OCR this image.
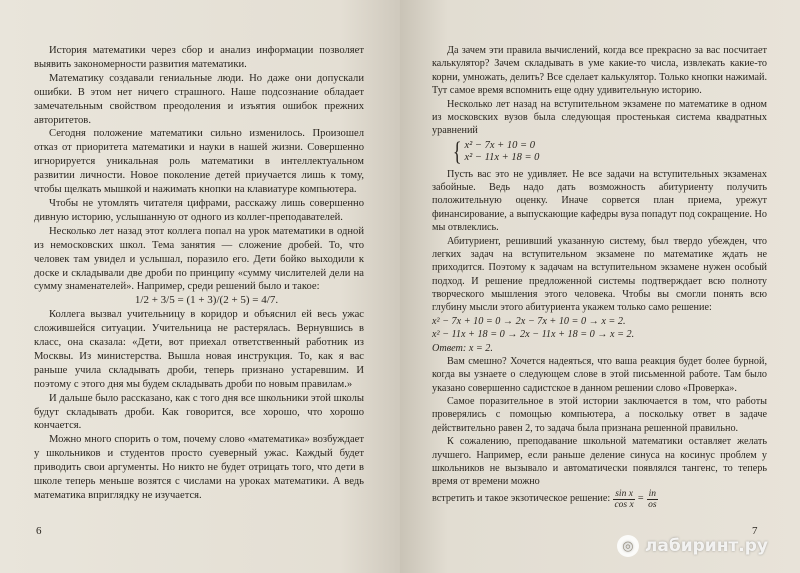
История математики через сбор и анализ информации позволяет выявить закономерности развития математики.

Математику создавали гениальные люди. Но даже они допускали ошибки. В этом нет ничего страшного. Наше подсознание обладает замечательным свойством преодоления и изъятия ошибок прежних авторитетов.

Сегодня положение математики сильно изменилось. Произошел отказ от приоритета математики и науки в нашей жизни. Совершенно игнорируется уникальная роль математики в интеллектуальном развитии личности. Новое поколение детей приучается лишь к тому, чтобы щелкать мышкой и нажимать кнопки на клавиатуре компьютера.

Чтобы не утомлять читателя цифрами, расскажу лишь совершенно дивную историю, услышанную от одного из коллег-преподавателей.

Несколько лет назад этот коллега попал на урок математики в одной из немосковских школ. Тема занятия — сложение дробей. То, что человек там увидел и услышал, поразило его. Дети бойко выходили к доске и складывали две дроби по принципу «сумму числителей дели на сумму знаменателей». Например, среди решений было и такое:

1/2 + 3/5 = (1 + 3)/(2 + 5) = 4/7.

Коллега вызвал учительницу в коридор и объяснил ей весь ужас сложившейся ситуации. Учительница не растерялась. Вернувшись в класс, она сказала: «Дети, вот приехал ответственный работник из Москвы. Из министерства. Вышла новая инструкция. То, как я вас раньше учила складывать дроби, теперь признано устаревшим. И поэтому с этого дня мы будем складывать дроби по новым правилам.»

И дальше было рассказано, как с того дня все школьники этой школы будут складывать дроби. Как говорится, все хорошо, что хорошо кончается.

Можно много спорить о том, почему слово «математика» возбуждает у школьников и студентов просто суеверный ужас. Каждый будет приводить свои аргументы. Но никто не будет отрицать того, что дети в школе теперь меньше возятся с числами на уроках математики. А ведь математика вприглядку не изучается.

6

Да зачем эти правила вычислений, когда все прекрасно за вас посчитает калькулятор? Зачем складывать в уме какие-то числа, извлекать какие-то корни, умножать, делить? Все сделает калькулятор. Только кнопки нажимай. Тут самое время вспомнить еще одну удивительную историю.

Несколько лет назад на вступительном экзамене по математике в одном из московских вузов была следующая простенькая система квадратных уравнений

{ x² − 7x + 10 = 0
x² − 11x + 18 = 0

Пусть вас это не удивляет. Не все задачи на вступительных экзаменах забойные. Ведь надо дать возможность абитуриенту получить положительную оценку. Иначе сорвется план приема, урежут финансирование, а выпускающие кафедры вуза попадут под сокращение. Но мы отвлеклись.

Абитуриент, решивший указанную систему, был твердо убежден, что легких задач на вступительном экзамене по математике ждать не приходится. Поэтому к задачам на вступительном экзамене нужен особый подход. И решение предложенной системы подтверждает всю полноту творческого мышления этого человека. Чтобы вы смогли понять всю глубину мысли этого абитуриента укажем только само решение:

x² − 7x + 10 = 0 → 2x − 7x + 10 = 0 → x = 2.

x² − 11x + 18 = 0 → 2x − 11x + 18 = 0 → x = 2.

Ответ: x = 2.

Вам смешно? Хочется надеяться, что ваша реакция будет более бурной, когда вы узнаете о следующем слове в этой письменной работе. Там было указано совершенно садистское в данном решении слово «Проверка».

Самое поразительное в этой истории заключается в том, что работы проверялись с помощью компьютера, а поскольку ответ в задаче действительно равен 2, то задача была признана решенной правильно.

К сожалению, преподавание школьной математики оставляет желать лучшего. Например, если раньше деление синуса на косинус проблем у школьников не вызывало и автоматически появлялся тангенс, то теперь время от времени можно

встретить и такое экзотическое решение: $\frac{\text{sin x}}{\text{cos x}} = \frac{in}{os}$
7
◎ лабиринт.ру
